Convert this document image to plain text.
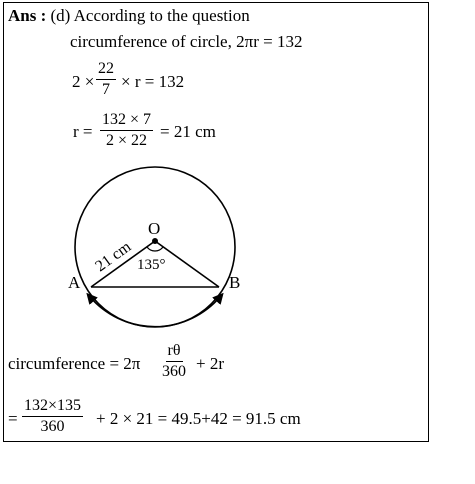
Ans : (d) According to the question
circumference of circle, 2πr = 132
$2 \times \frac{22}{7} \times r = 132$
$r = \frac{132 \times 7}{2 \times 22} = 21$ cm
O
A	B
21 cm 135°
circumference = $2\pi \frac{r\theta}{360} + 2r$
= $\frac{132\times 135}{360} + 2 \times 21 = 49.5+42 = 91.5$ cm
